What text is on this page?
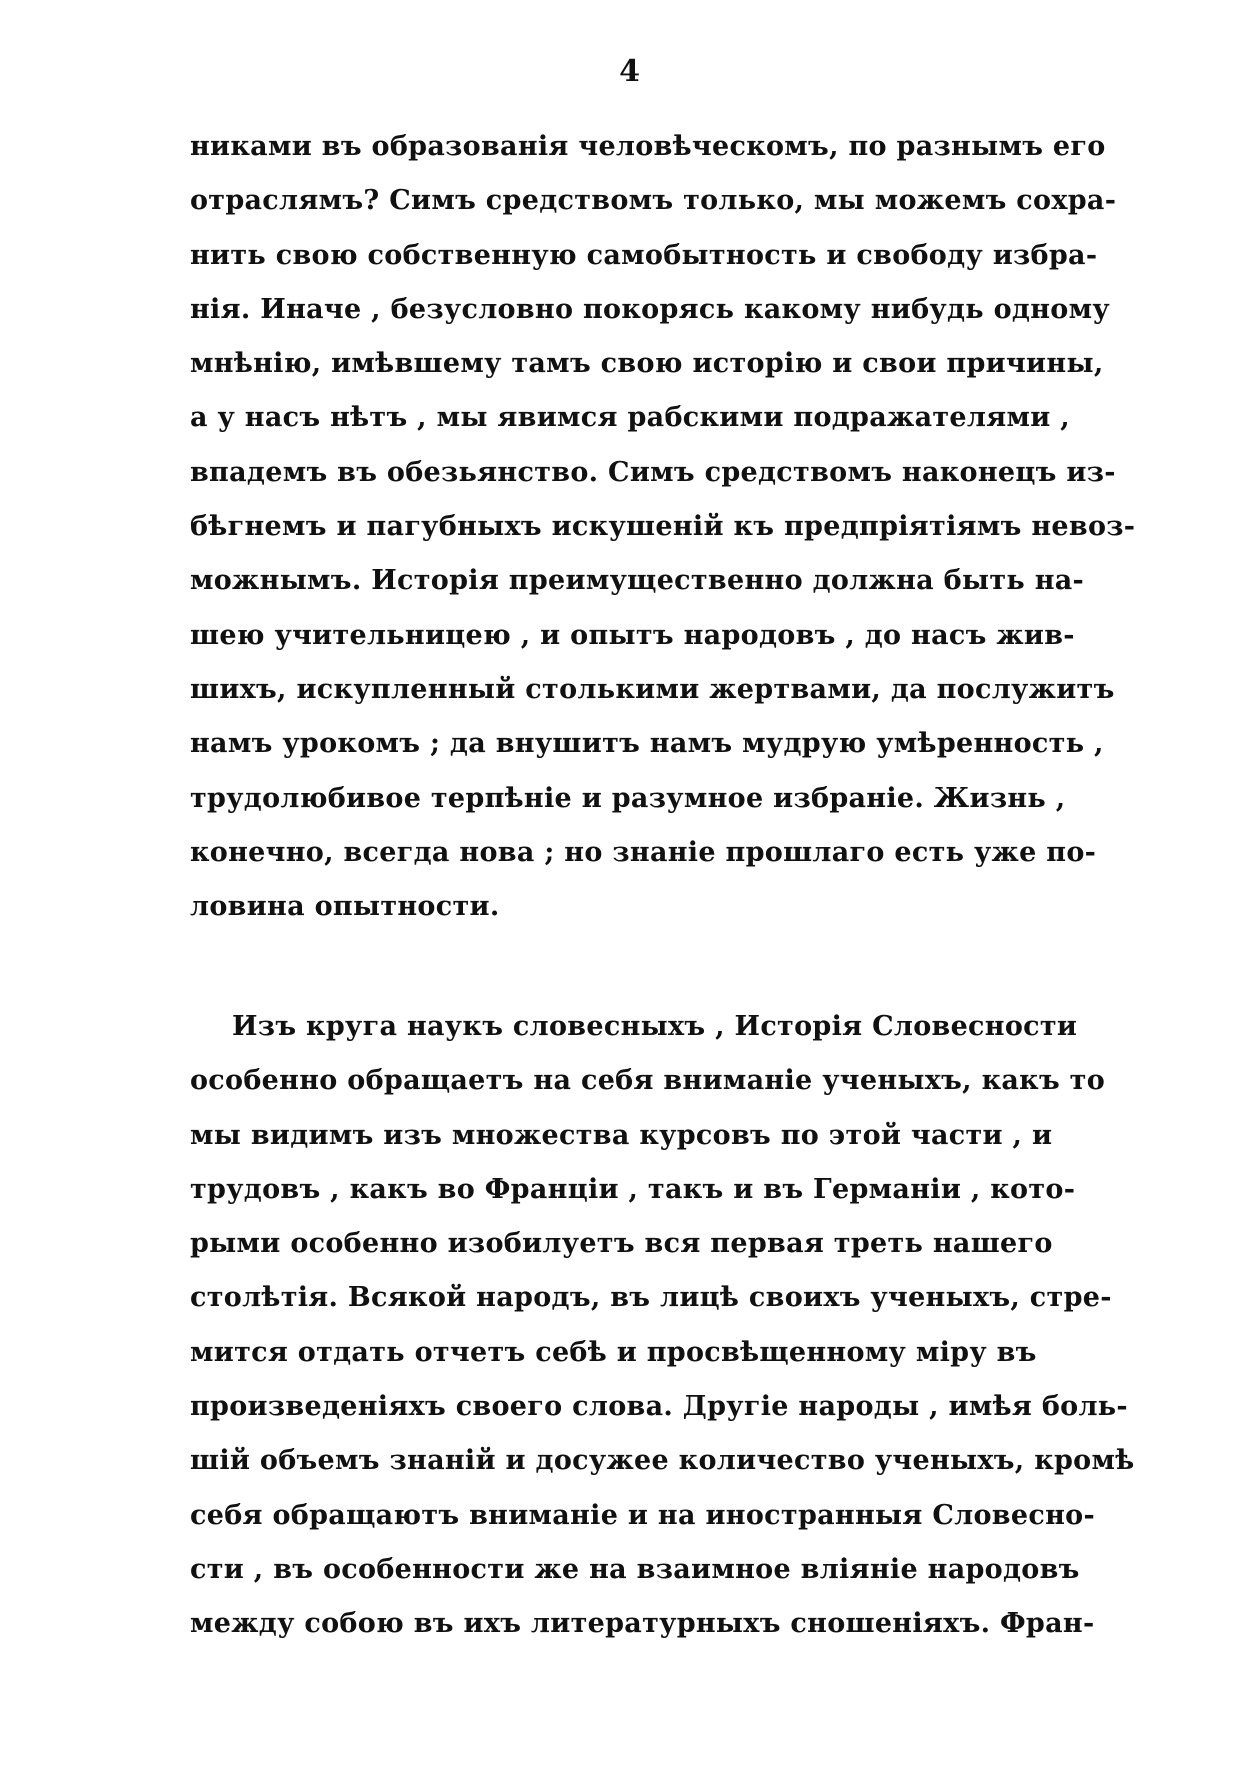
4
никами въ образованія человѣческомъ, по разнымъ его
отраслямъ? Симъ средствомъ только, мы можемъ сохра-
нить свою собственную самобытность и свободу избра-
нія. Иначе , безусловно покорясь какому нибудь одному
мнѣнію, имѣвшему тамъ свою исторію и свои причины,
а у насъ нѣтъ , мы явимся рабскими подражателями ,
впадемъ въ обезьянство. Симъ средствомъ наконецъ из-
бѣгнемъ и пагубныхъ искушеній къ предпріятіямъ невоз-
можнымъ. Исторія преимущественно должна быть на-
шею учительницею , и опытъ народовъ , до насъ жив-
шихъ, искупленный столькими жертвами, да послужитъ
намъ урокомъ ; да внушитъ намъ мудрую умѣренность ,
трудолюбивое терпѣніе и разумное избраніе. Жизнь ,
конечно, всегда нова ; но знаніе прошлаго есть уже по-
ловина опытности.
Изъ круга наукъ словесныхъ , Исторія Словесности
особенно обращаетъ на себя вниманіе ученыхъ, какъ то
мы видимъ изъ множества курсовъ по этой части , и
трудовъ , какъ во Франціи , такъ и въ Германіи , кото-
рыми особенно изобилуетъ вся первая треть нашего
столѣтія. Всякой народъ, въ лицѣ своихъ ученыхъ, стре-
мится отдать отчетъ себѣ и просвѣщенному міру въ
произведеніяхъ своего слова. Другіе народы , имѣя боль-
шій объемъ знаній и досужее количество ученыхъ, кромѣ
себя обращаютъ вниманіе и на иностранныя Словесно-
сти , въ особенности же на взаимное вліяніе народовъ
между собою въ ихъ литературныхъ сношеніяхъ. Фран-
